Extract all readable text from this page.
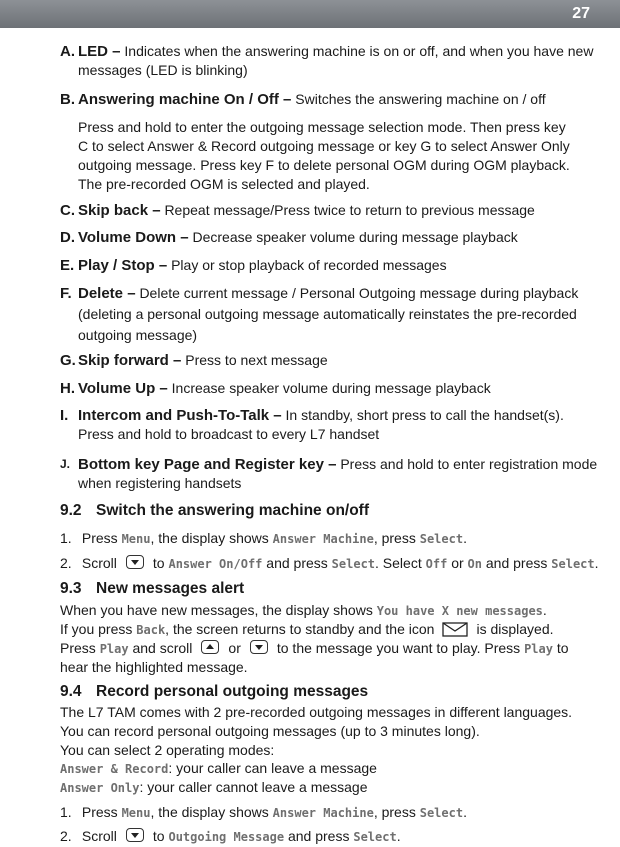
27
A. LED – Indicates when the answering machine is on or off, and when you have new messages (LED is blinking)
B. Answering machine On / Off – Switches the answering machine on / off
Press and hold to enter the outgoing message selection mode. Then press key C to select Answer & Record outgoing message or key G to select Answer Only outgoing message. Press key F to delete personal OGM during OGM playback. The pre-recorded OGM is selected and played.
C. Skip back – Repeat message/Press twice to return to previous message
D. Volume Down – Decrease speaker volume during message playback
E. Play / Stop – Play or stop playback of recorded messages
F. Delete – Delete current message / Personal Outgoing message during playback (deleting a personal outgoing message automatically reinstates the pre-recorded outgoing message)
G. Skip forward – Press to next message
H. Volume Up – Increase speaker volume during message playback
I. Intercom and Push-To-Talk – In standby, short press to call the handset(s). Press and hold to broadcast to every L7 handset
J. Bottom key Page and Register key – Press and hold to enter registration mode when registering handsets
9.2 Switch the answering machine on/off
1. Press Menu, the display shows Answer Machine, press Select.
2. Scroll	to Answer On/Off and press Select. Select Off or On and press Select.
9.3 New messages alert
When you have new messages, the display shows You have X new messages.
If you press Back, the screen returns to standby and the icon	is displayed.
Press Play and scroll	or	to the message you want to play. Press Play to
hear the highlighted message.
9.4 Record personal outgoing messages
The L7 TAM comes with 2 pre-recorded outgoing messages in different languages.
You can record personal outgoing messages (up to 3 minutes long).
You can select 2 operating modes:
Answer & Record: your caller can leave a message
Answer Only: your caller cannot leave a message
1. Press Menu, the display shows Answer Machine, press Select.
2. Scroll	to Outgoing Message and press Select.
